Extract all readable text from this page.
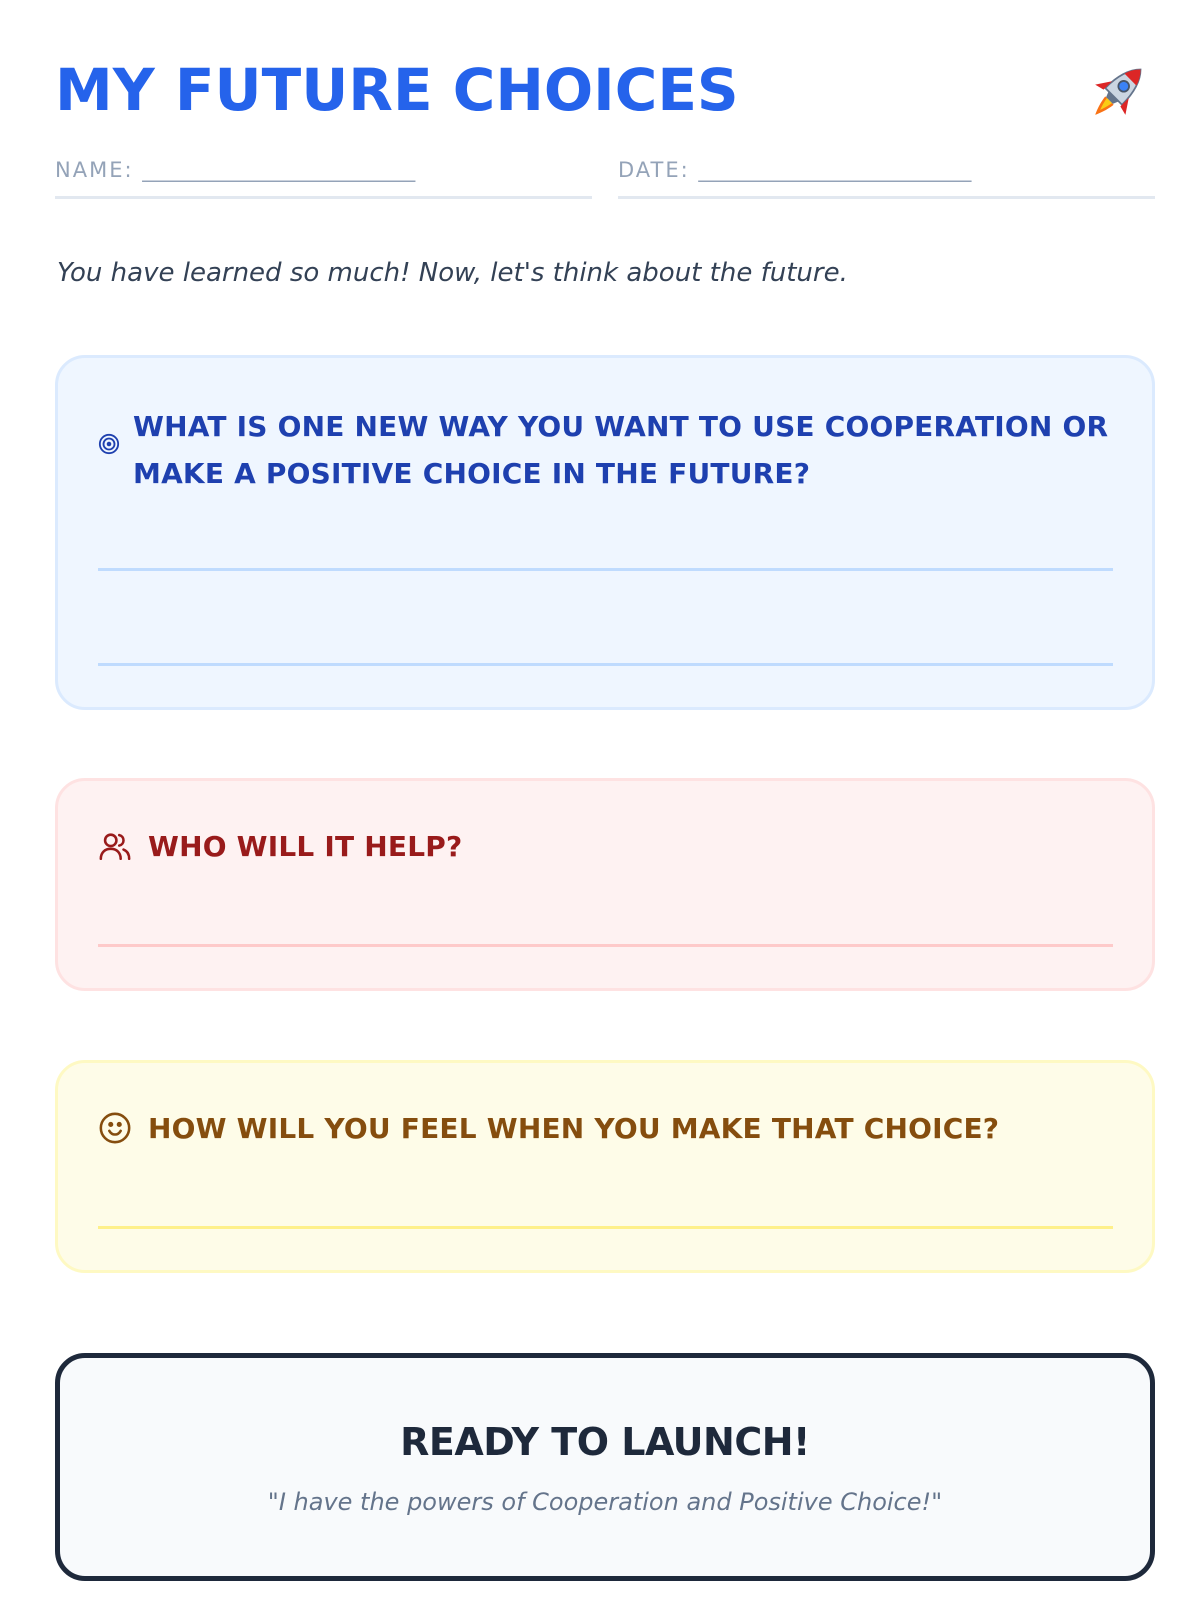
MY FUTURE CHOICES
NAME: __________________________	DATE: __________________________

You have learned so much! Now, let's think about the future.

WHAT IS ONE NEW WAY YOU WANT TO USE COOPERATION OR MAKE A POSITIVE CHOICE IN THE FUTURE?
WHO WILL IT HELP?
HOW WILL YOU FEEL WHEN YOU MAKE THAT CHOICE?
READY TO LAUNCH!
"I have the powers of Cooperation and Positive Choice!"
